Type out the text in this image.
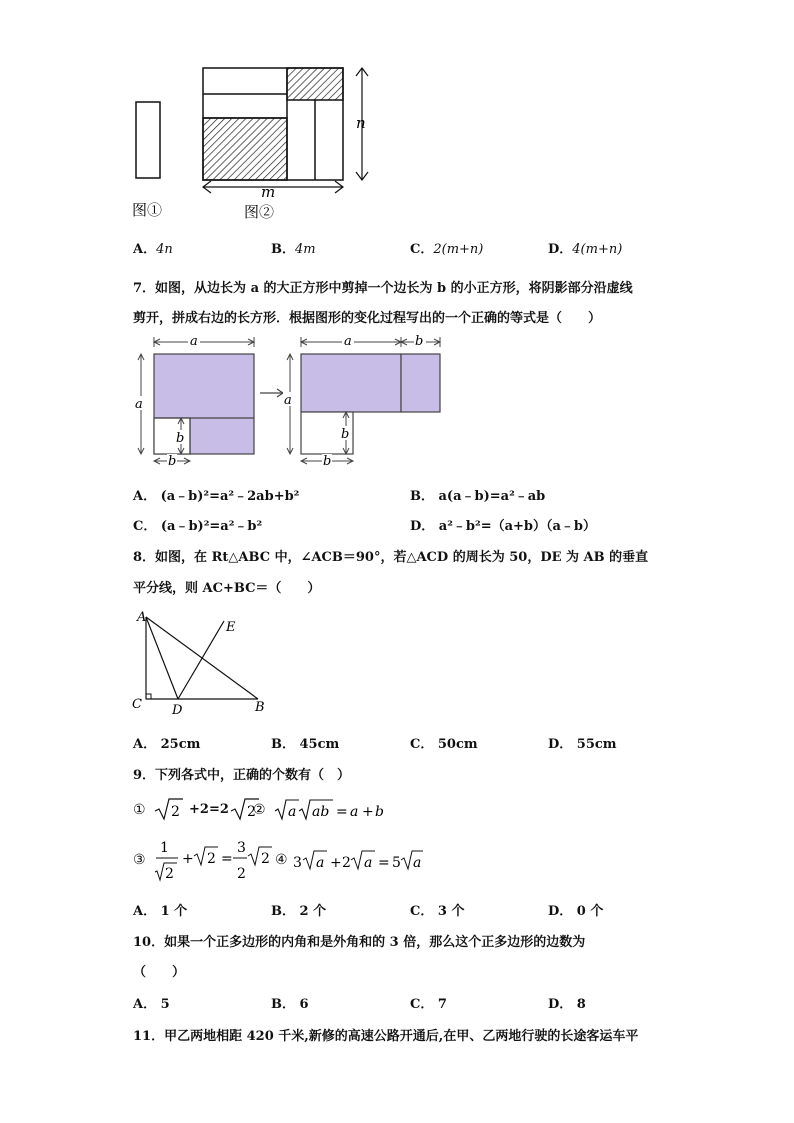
n
m
图①	图②
A．4n	B．4m	C．2(m+n)	D．4(m+n)
7．如图，从边长为 a 的大正方形中剪掉一个边长为 b 的小正方形，将阴影部分沿虚线
剪开，拼成右边的长方形．根据图形的变化过程写出的一个正确的等式是（　　）
a
a
b
b
a	b
a
b
b
A． (a﹣b)²=a²﹣2ab+b²	B． a(a﹣b)=a²﹣ab
C． (a﹣b)²=a²﹣b²	D． a²﹣b²=（a+b）（a﹣b）
8．如图，在 Rt△ABC 中，∠ACB＝90°，若△ACD 的周长为 50，DE 为 AB 的垂直
平分线，则 AC+BC＝（　　）
A
E
C D	B
A． 25cm	B． 45cm	C． 50cm	D． 55cm
9．下列各式中，正确的个数有（　）
① 2 +2=2 2
② a ab = a + b
③
1
2
+ 2 =
3
2
2 ④ 3 a + 2 a = 5 a
A． 1 个	B． 2 个	C． 3 个	D． 0 个
10．如果一个正多边形的内角和是外角和的 3 倍，那么这个正多边形的边数为
（　　）
A． 5	B． 6	C． 7	D． 8
11．甲乙两地相距 420 千米,新修的高速公路开通后,在甲、乙两地行驶的长途客运车平
